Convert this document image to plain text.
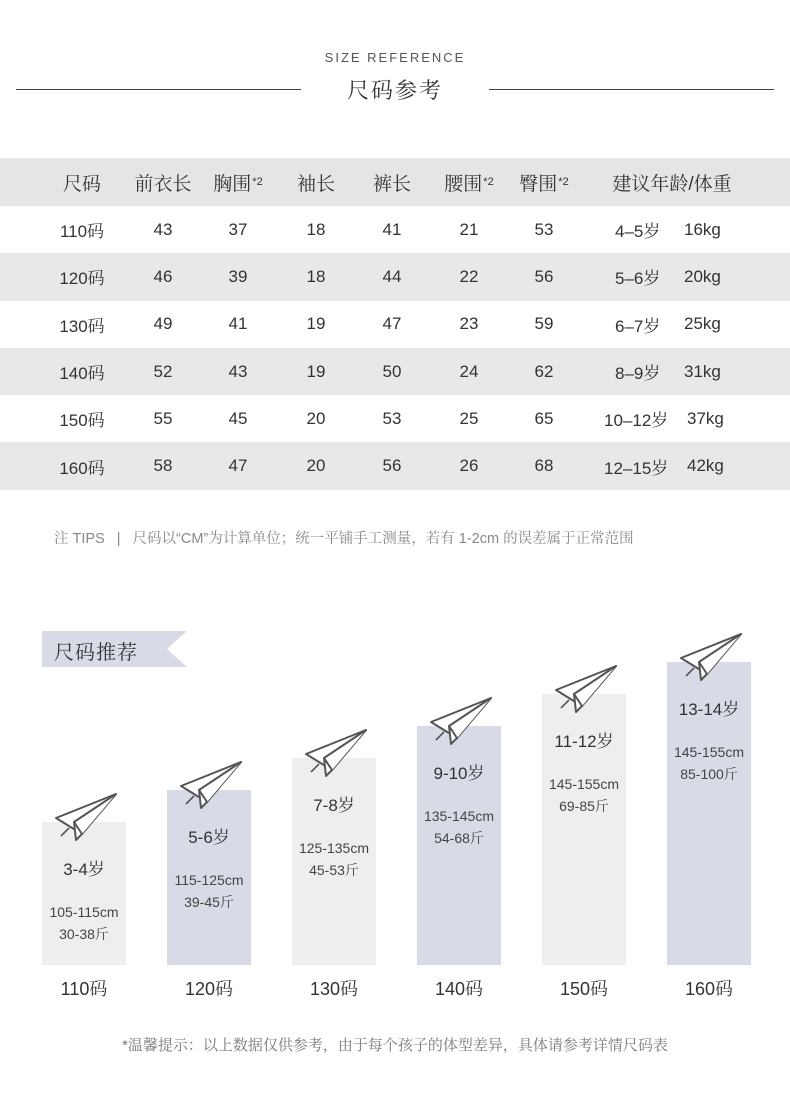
SIZE REFERENCE
尺码参考
尺码 前衣长 胸围 *2 袖长 裤长 腰围 *2 臀围 *2 建议年龄/体重
110码	43	37	18	41	21	53	4–5岁 16kg
120码	46	39	18	44	22	56	5–6岁 20kg
130码	49	41	19	47	23	59	6–7岁 25kg
140码	52	43	19	50	24	62	8–9岁 31kg
150码	55	45	20	53	25	65	10–12岁 37kg
160码	58	47	20	56	26	68	12–15岁 42kg
注 TIPS | 尺码以“CM”为计算单位；统一平铺手工测量，若有 1-2cm 的误差属于正常范围
尺码推荐
3-4岁
105-115cm
30-38斤
110码
5-6岁
115-125cm
39-45斤
120码
7-8岁
125-135cm
45-53斤
130码
9-10岁
135-145cm
54-68斤
140码
11-12岁
145-155cm
69-85斤
150码
13-14岁
145-155cm
85-100斤
160码
*温馨提示：以上数据仅供参考，由于每个孩子的体型差异，具体请参考详情尺码表
